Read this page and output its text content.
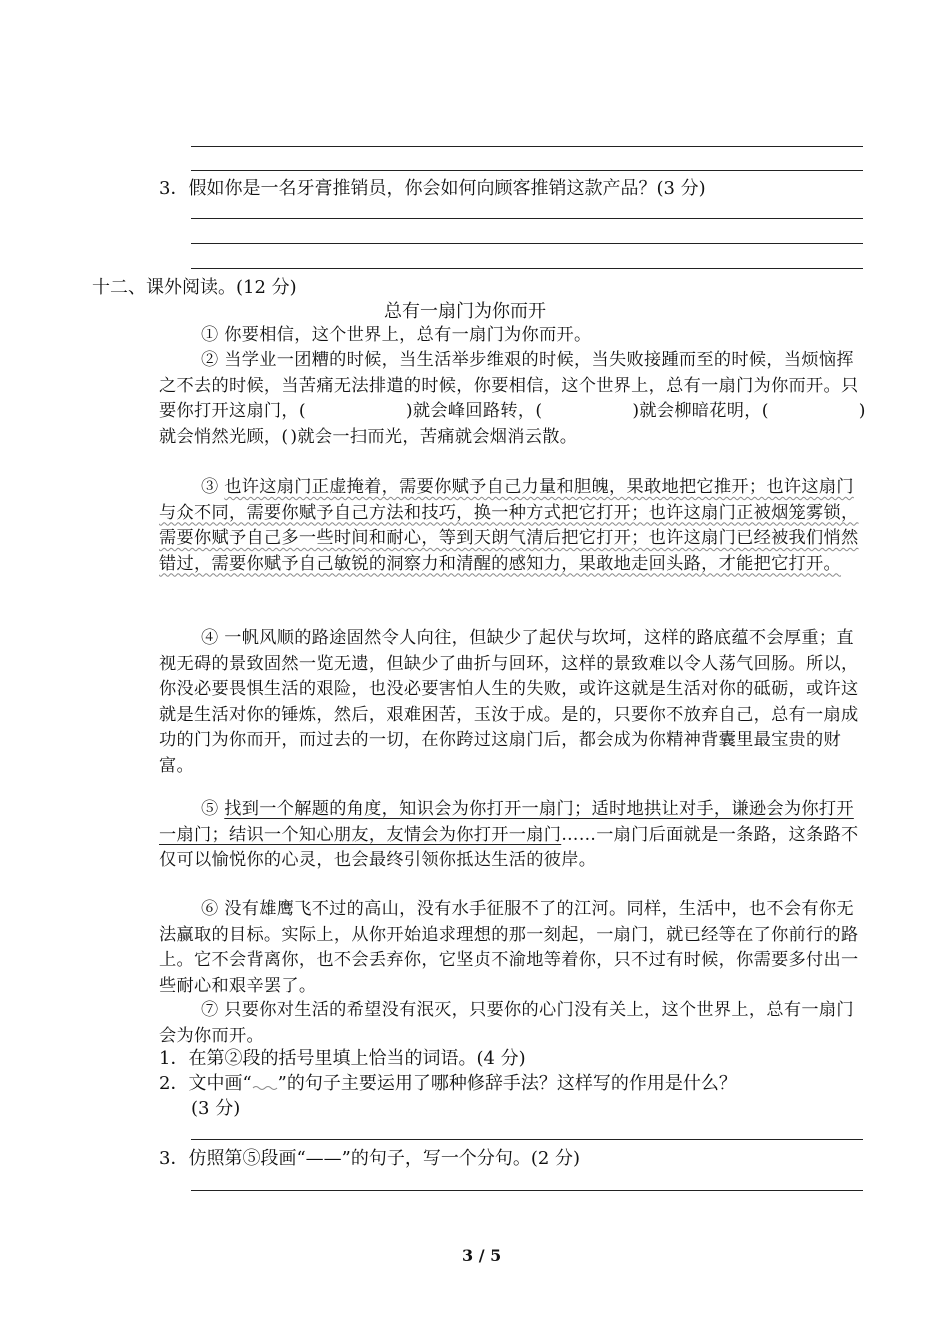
3．假如你是一名牙膏推销员，你会如何向顾客推销这款产品？(3 分)
十二、课外阅读。(12 分)
总有一扇门为你而开
① 你要相信，这个世界上，总有一扇门为你而开。
② 当学业一团糟的时候，当生活举步维艰的时候，当失败接踵而至的时候，当烦恼挥之不去的时候，当苦痛无法排遣的时候，你要相信，这个世界上，总有一扇门为你而开。只要你打开这扇门，(	)就会峰回路转，(	)就会柳暗花明，(	)就会悄然光顾，( )就会一扫而光，苦痛就会烟消云散。
③ 也许这扇门正虚掩着，需要你赋予自己力量和胆魄，果敢地把它推开；也许这扇门与众不同，需要你赋予自己方法和技巧，换一种方式把它打开；也许这扇门正被烟笼雾锁，需要你赋予自己多一些时间和耐心，等到天朗气清后把它打开；也许这扇门已经被我们悄然错过，需要你赋予自己敏锐的洞察力和清醒的感知力，果敢地走回头路，才能把它打开。
④ 一帆风顺的路途固然令人向往，但缺少了起伏与坎坷，这样的路底蕴不会厚重；直视无碍的景致固然一览无遗，但缺少了曲折与回环，这样的景致难以令人荡气回肠。所以，你没必要畏惧生活的艰险，也没必要害怕人生的失败，或许这就是生活对你的砥砺，或许这就是生活对你的锤炼，然后，艰难困苦，玉汝于成。是的，只要你不放弃自己，总有一扇成功的门为你而开，而过去的一切，在你跨过这扇门后，都会成为你精神背囊里最宝贵的财富。
⑤ 找到一个解题的角度，知识会为你打开一扇门；适时地拱让对手，谦逊会为你打开一扇门；结识一个知心朋友，友情会为你打开一扇门……一扇门后面就是一条路，这条路不仅可以愉悦你的心灵，也会最终引领你抵达生活的彼岸。
⑥ 没有雄鹰飞不过的高山，没有水手征服不了的江河。同样，生活中，也不会有你无法赢取的目标。实际上，从你开始追求理想的那一刻起，一扇门，就已经等在了你前行的路上。它不会背离你，也不会丢弃你，它坚贞不渝地等着你，只不过有时候，你需要多付出一些耐心和艰辛罢了。
⑦ 只要你对生活的希望没有泯灭，只要你的心门没有关上，这个世界上，总有一扇门会为你而开。
1．在第②段的括号里填上恰当的词语。(4 分)
2．文中画“ ”的句子主要运用了哪种修辞手法？这样写的作用是什么？
(3 分)
3．仿照第⑤段画“——”的句子，写一个分句。(2 分)
3 / 5
